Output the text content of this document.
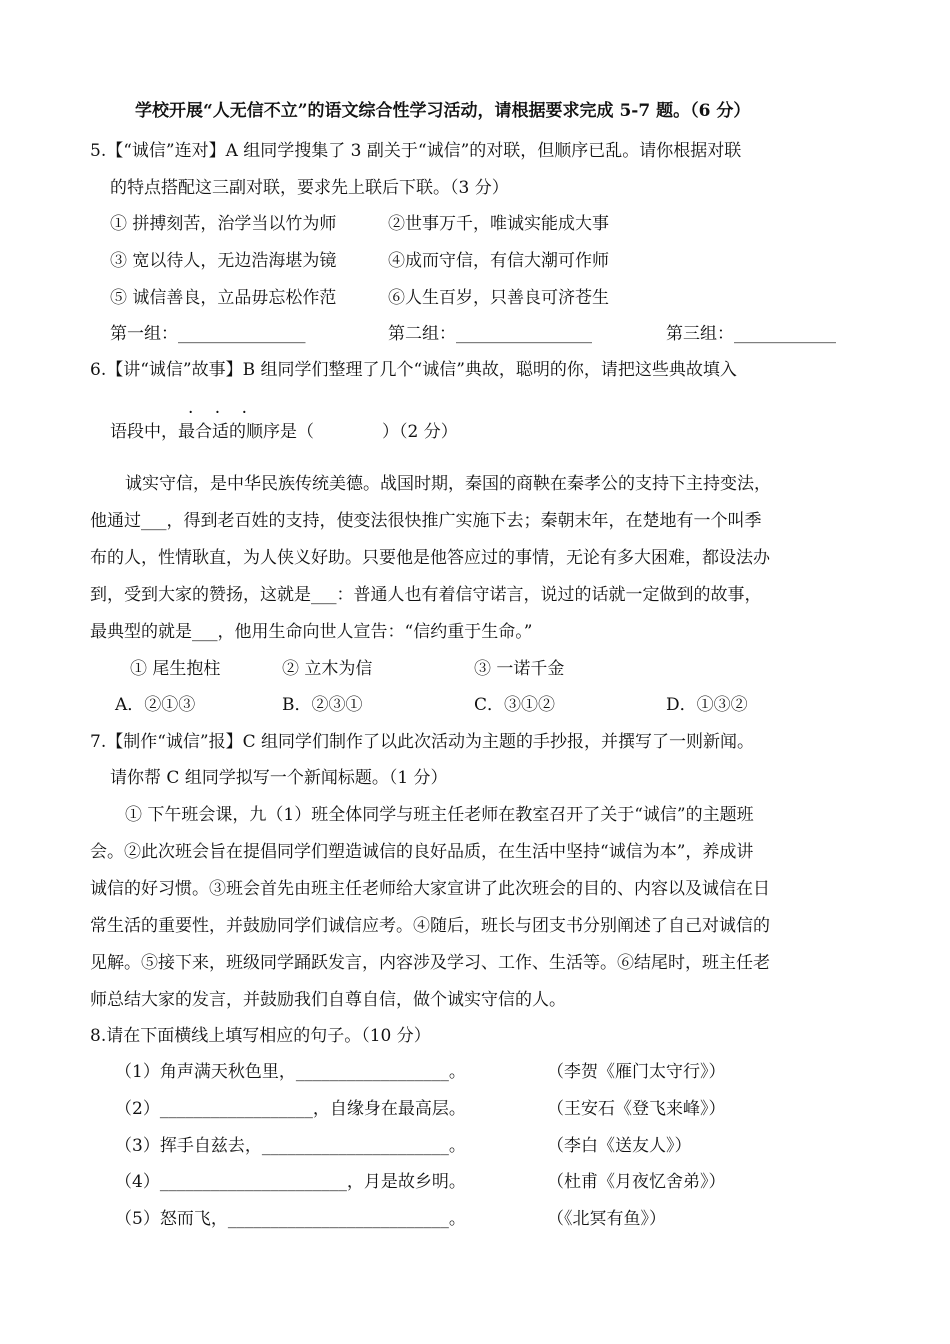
学校开展“人无信不立”的语文综合性学习活动，请根据要求完成 5-7 题。（6 分）
5.【“诚信”连对】A 组同学搜集了 3 副关于“诚信”的对联，但顺序已乱。请你根据对联
的特点搭配这三副对联，要求先上联后下联。（3 分）
① 拼搏刻苦，治学当以竹为师	②世事万千，唯诚实能成大事
③ 宽以待人，无边浩海堪为镜	④成而守信，有信大潮可作师
⑤ 诚信善良，立品毋忘松作范	⑥人生百岁，只善良可济苍生
第一组：_______________	第二组：________________	第三组：____________
6.【讲“诚信”故事】B 组同学们整理了几个“诚信”典故，聪明的你，请把这些典故填入
· · ·
语段中，最合适的顺序是（　　　　）（2 分）
诚实守信，是中华民族传统美德。战国时期，秦国的商鞅在秦孝公的支持下主持变法，
他通过___，得到老百姓的支持，使变法很快推广实施下去；秦朝末年，在楚地有一个叫季
布的人，性情耿直，为人侠义好助。只要他是他答应过的事情，无论有多大困难，都设法办
到，受到大家的赞扬，这就是___：普通人也有着信守诺言，说过的话就一定做到的故事，
最典型的就是___，他用生命向世人宣告：“信约重于生命。”
① 尾生抱柱	② 立木为信	③ 一诺千金
A．②①③	B．②③①	C．③①②	D．①③②
7.【制作“诚信”报】C 组同学们制作了以此次活动为主题的手抄报，并撰写了一则新闻。
请你帮 C 组同学拟写一个新闻标题。（1 分）
① 下午班会课，九（1）班全体同学与班主任老师在教室召开了关于“诚信”的主题班
会。②此次班会旨在提倡同学们塑造诚信的良好品质，在生活中坚持“诚信为本”，养成讲
诚信的好习惯。③班会首先由班主任老师给大家宣讲了此次班会的目的、内容以及诚信在日
常生活的重要性，并鼓励同学们诚信应考。④随后，班长与团支书分别阐述了自己对诚信的
见解。⑤接下来，班级同学踊跃发言，内容涉及学习、工作、生活等。⑥结尾时，班主任老
师总结大家的发言，并鼓励我们自尊自信，做个诚实守信的人。
8.请在下面横线上填写相应的句子。（10 分）
（1）角声满天秋色里，__________________。	（李贺《雁门太守行》）
（2）__________________，自缘身在最高层。	（王安石《登飞来峰》）
（3）挥手自兹去，______________________。	（李白《送友人》）
（4）______________________，月是故乡明。	（杜甫《月夜忆舍弟》）
（5）怒而飞，__________________________。	（《北冥有鱼》）
